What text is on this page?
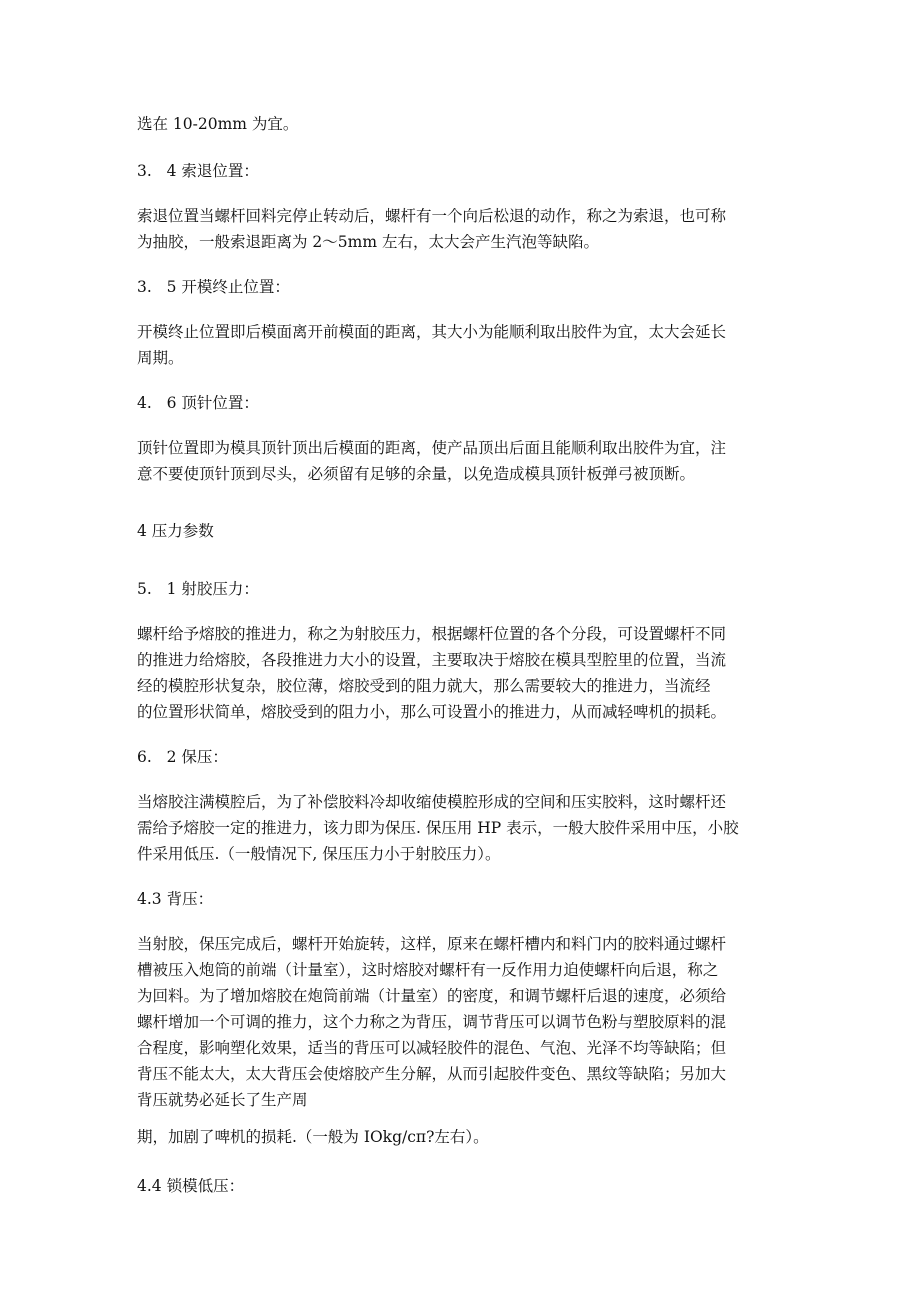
选在 10-20mm 为宜。

3.   4 索退位置：

索退位置当螺杆回料完停止转动后，螺杆有一个向后松退的动作，称之为索退，也可称

为抽胶，一般索退距离为 2～5mm 左右，太大会产生汽泡等缺陷。

3.   5 开模终止位置：

开模终止位置即后模面离开前模面的距离，其大小为能顺利取出胶件为宜，太大会延长

周期。

4.   6 顶针位置：

顶针位置即为模具顶针顶出后模面的距离，使产品顶出后面且能顺利取出胶件为宜，注

意不要使顶针顶到尽头，必须留有足够的余量，以免造成模具顶针板弹弓被顶断。

4 压力参数

5.   1 射胶压力：

螺杆给予熔胶的推进力，称之为射胶压力，根据螺杆位置的各个分段，可设置螺杆不同

的推进力给熔胶，各段推进力大小的设置，主要取决于熔胶在模具型腔里的位置，当流

经的模腔形状复杂，胶位薄，熔胶受到的阻力就大，那么需要较大的推进力，当流经

的位置形状简单，熔胶受到的阻力小，那么可设置小的推进力，从而减轻啤机的损耗。

6.   2 保压：

当熔胶注满模腔后，为了补偿胶料冷却收缩使模腔形成的空间和压实胶料，这时螺杆还

需给予熔胶一定的推进力，该力即为保压. 保压用 HP 表示，一般大胶件采用中压，小胶

件采用低压.（一般情况下, 保压压力小于射胶压力）。

4.3 背压：

当射胶，保压完成后，螺杆开始旋转，这样，原来在螺杆槽内和料门内的胶料通过螺杆

槽被压入炮筒的前端（计量室），这时熔胶对螺杆有一反作用力迫使螺杆向后退，称之

为回料。为了增加熔胶在炮筒前端（计量室）的密度，和调节螺杆后退的速度，必须给

螺杆增加一个可调的推力，这个力称之为背压，调节背压可以调节色粉与塑胶原料的混

合程度，影响塑化效果，适当的背压可以减轻胶件的混色、气泡、光泽不均等缺陷；但

背压不能太大，太大背压会使熔胶产生分解，从而引起胶件变色、黑纹等缺陷；另加大

背压就势必延长了生产周

期，加剧了啤机的损耗.（一般为 IOkg/cπ?左右）。

4.4 锁模低压：
